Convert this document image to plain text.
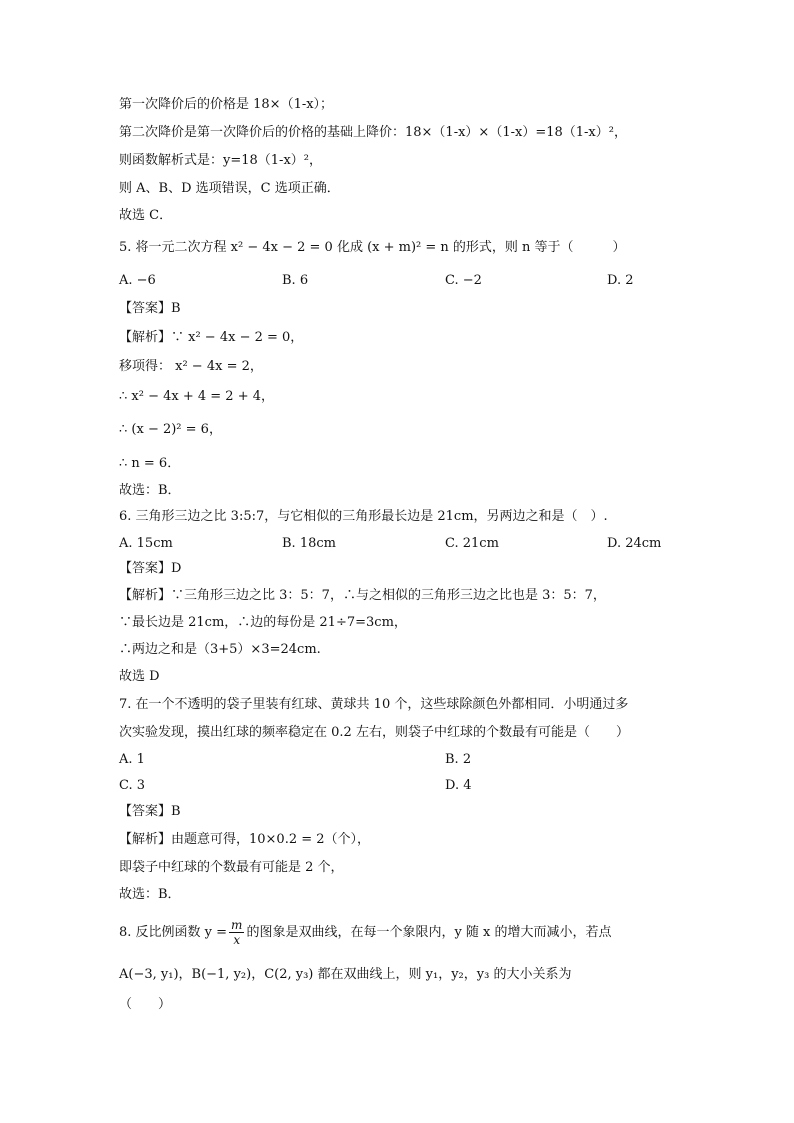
第一次降价后的价格是 18×（1-x）；
第二次降价是第一次降价后的价格的基础上降价：18×（1-x）×（1-x）=18（1-x）²，
则函数解析式是：y=18（1-x）²，
则 A、B、D 选项错误，C 选项正确．
故选 C．
5. 将一元二次方程 x² − 4x − 2 = 0 化成 (x + m)² = n 的形式，则 n 等于（　　　）
A. −6	B. 6	C. −2	D. 2
【答案】B
【解析】∵ x² − 4x − 2 = 0，
移项得： x² − 4x = 2，
∴ x² − 4x + 4 = 2 + 4，
∴ (x − 2)² = 6，
∴ n = 6．
故选：B．
6. 三角形三边之比 3:5:7，与它相似的三角形最长边是 21cm，另两边之和是（　）.
A. 15cm	B. 18cm	C. 21cm	D. 24cm
【答案】D
【解析】∵三角形三边之比 3：5：7，∴与之相似的三角形三边之比也是 3：5：7，
∵最长边是 21cm，∴边的每份是 21÷7=3cm，
∴两边之和是（3+5）×3=24cm.
故选 D
7. 在一个不透明的袋子里装有红球、黄球共 10 个，这些球除颜色外都相同．小明通过多
次实验发现，摸出红球的频率稳定在 0.2 左右，则袋子中红球的个数最有可能是（　　）
A. 1	B. 2
C. 3	D. 4
【答案】B
【解析】由题意可得，10×0.2 = 2（个），
即袋子中红球的个数最有可能是 2 个，
故选：B．
8. 反比例函数 $y = \frac{m}{x}$ 的图象是双曲线，在每一个象限内，y 随 x 的增大而减小，若点
A(−3, y₁)，B(−1, y₂)，C(2, y₃) 都在双曲线上，则 y₁，y₂，y₃ 的大小关系为
（　　）
